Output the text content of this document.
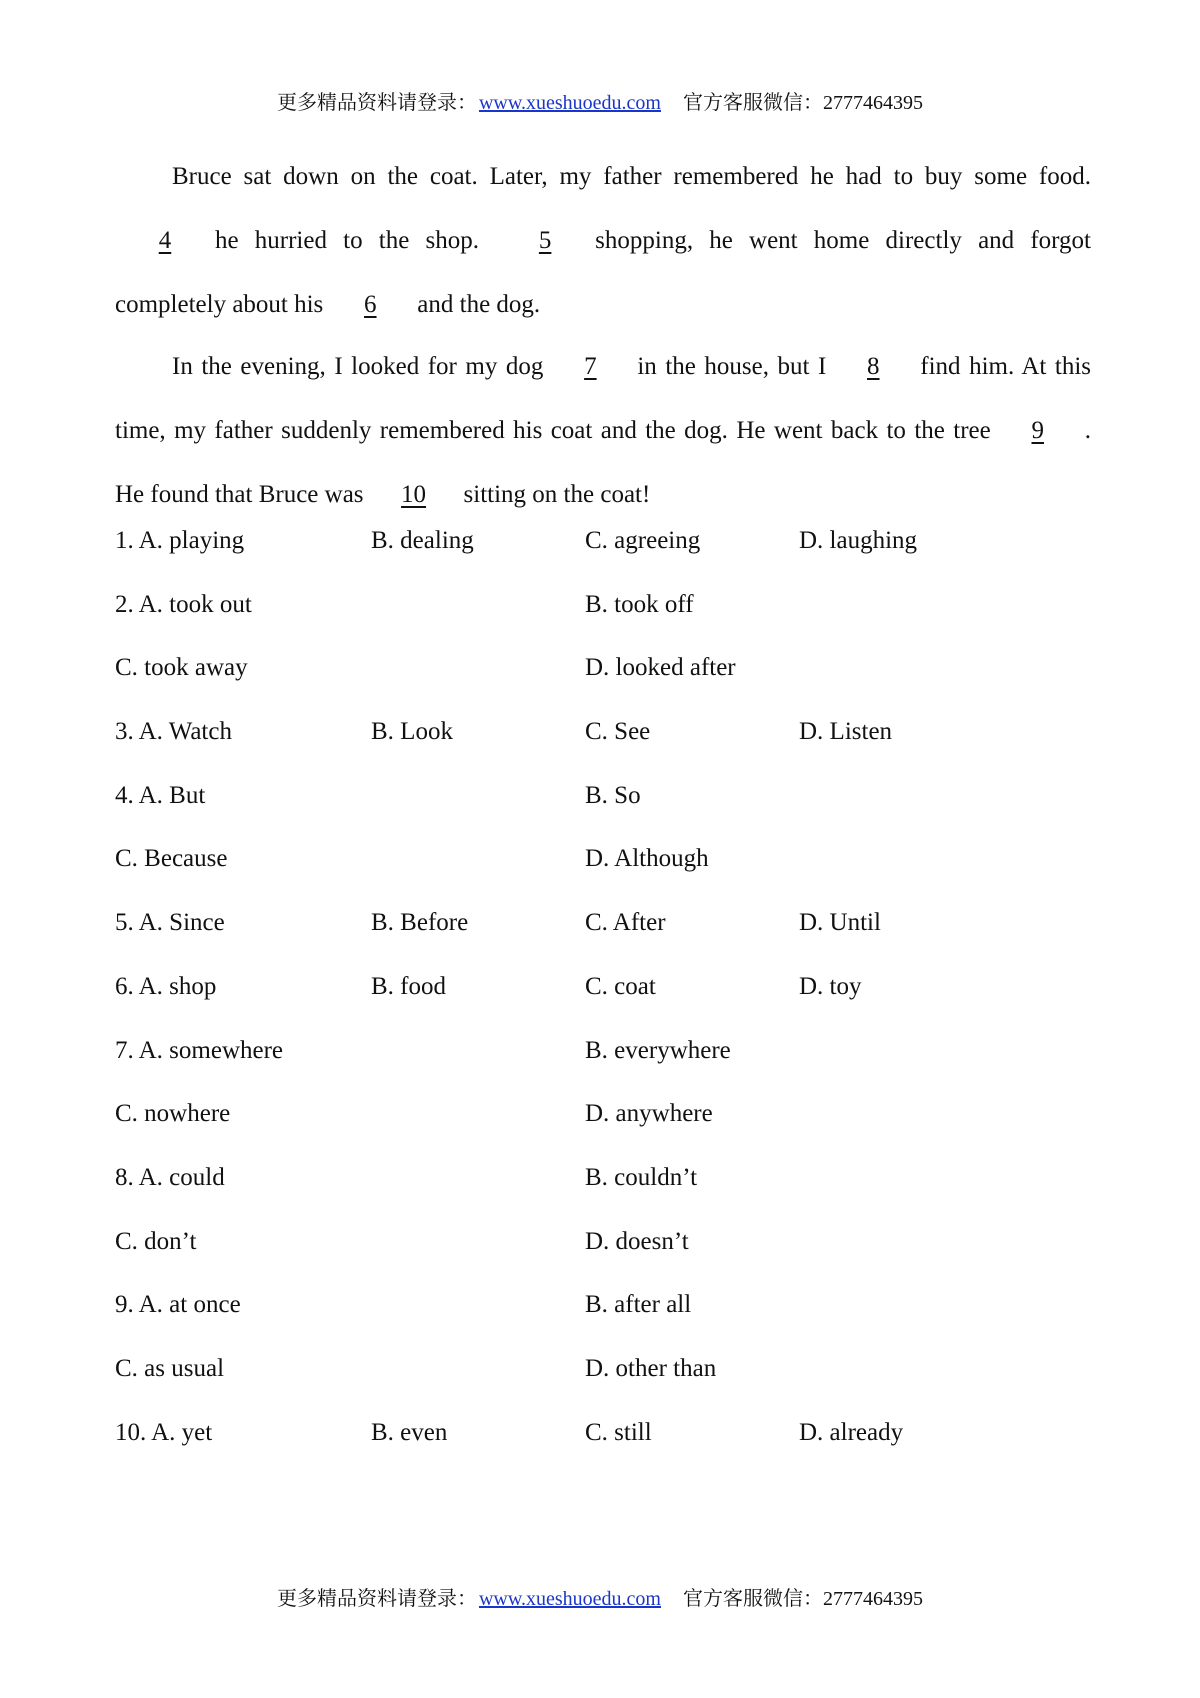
更多精品资料请登录： www.xueshuoedu.com 官方客服微信：2777464395

Bruce sat down on the coat. Later, my father remembered he had to buy some food. 4 he hurried to the shop. 5 shopping, he went home directly and forgot completely about his 6 and the dog.

In the evening, I looked for my dog 7 in the house, but I 8 find him. At this time, my father suddenly remembered his coat and the dog. He went back to the tree 9 . He found that Bruce was 10 sitting on the coat!

1. A. playing	B. dealing	C. agreeing	D. laughing
2. A. took out	B. took off
C. took away	D. looked after
3. A. Watch	B. Look	C. See	D. Listen
4. A. But	B. So
C. Because	D. Although
5. A. Since	B. Before	C. After	D. Until
6. A. shop	B. food	C. coat	D. toy
7. A. somewhere	B. everywhere
C. nowhere	D. anywhere
8. A. could	B. couldn’t
C. don’t	D. doesn’t
9. A. at once	B. after all
C. as usual	D. other than
10. A. yet	B. even	C. still	D. already
更多精品资料请登录： www.xueshuoedu.com 官方客服微信：2777464395
